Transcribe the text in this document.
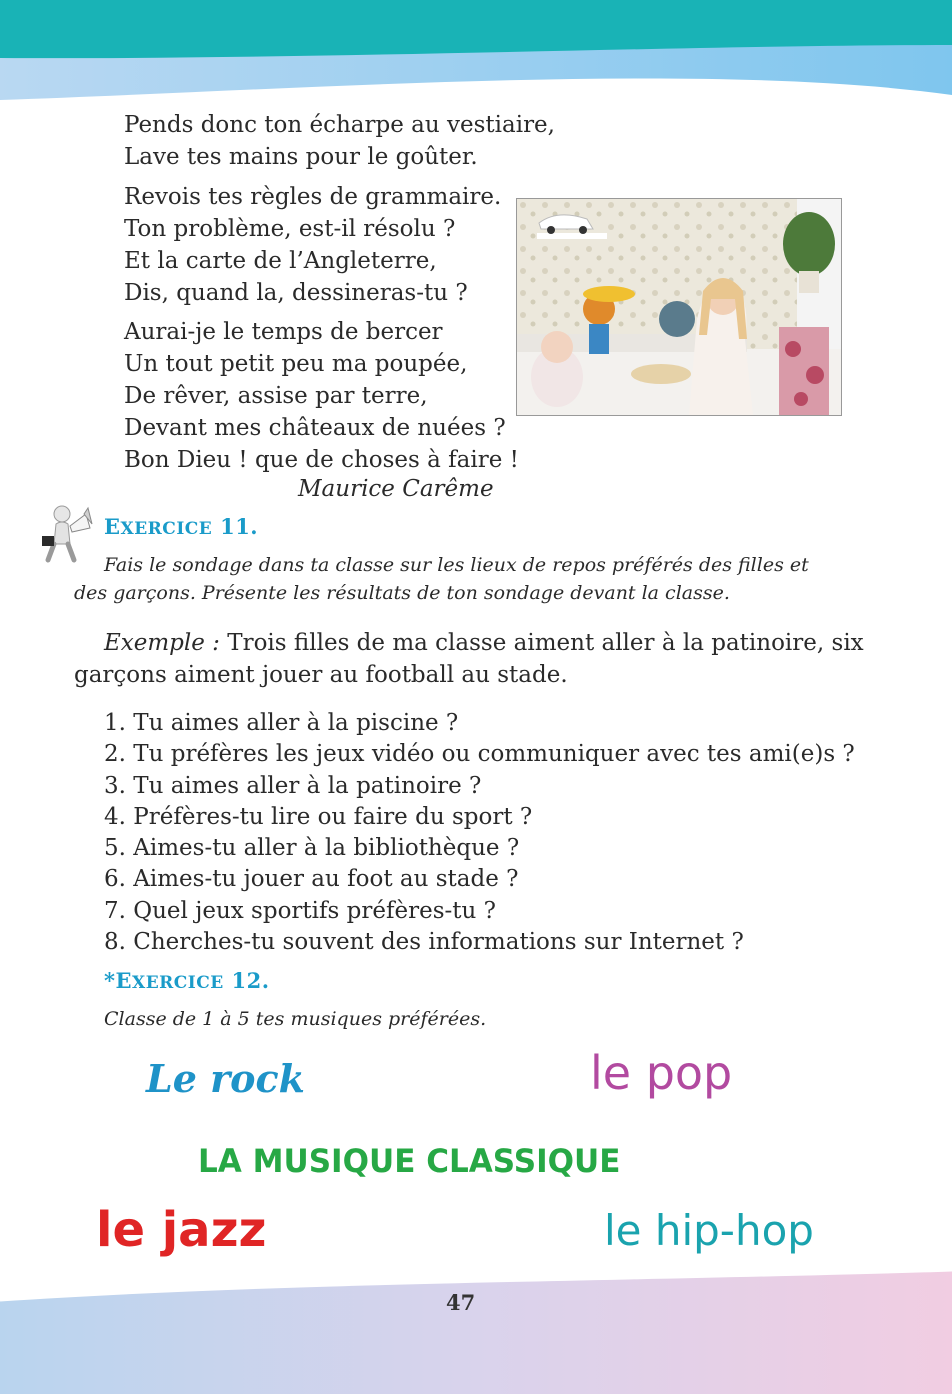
Pends donc ton écharpe au vestiaire,
Lave tes mains pour le goûter.
Revois tes règles de grammaire.
Ton problème, est-il résolu ?
Et la carte de l’Angleterre,
Dis, quand la, dessineras-tu ?
Aurai-je le temps de bercer
Un tout petit peu ma poupée,
De rêver, assise par terre,
Devant mes châteaux de nuées ?
Bon Dieu ! que de choses à faire !
Maurice Carême
EXERCICE 11.
Fais le sondage dans ta classe sur les lieux de repos préférés des filles et
des garçons. Présente les résultats de ton sondage devant la classe.
Exemple : Trois filles de ma classe aiment aller à la patinoire, six
garçons aiment jouer au football au stade.
1. Tu aimes aller à la piscine ?
2. Tu préfères les jeux vidéo ou communiquer avec tes ami(e)s ?
3. Tu aimes aller à la patinoire ?
4. Préfères-tu lire ou faire du sport ?
5. Aimes-tu aller à la bibliothèque ?
6. Aimes-tu jouer au foot au stade ?
7. Quel jeux sportifs préfères-tu ?
8. Cherches-tu souvent des informations sur Internet ?
*EXERCICE 12.
Classe de 1 à 5 tes musiques préférées.
Le rock	le pop
LA MUSIQUE CLASSIQUE
le jazz	le hip-hop
47
